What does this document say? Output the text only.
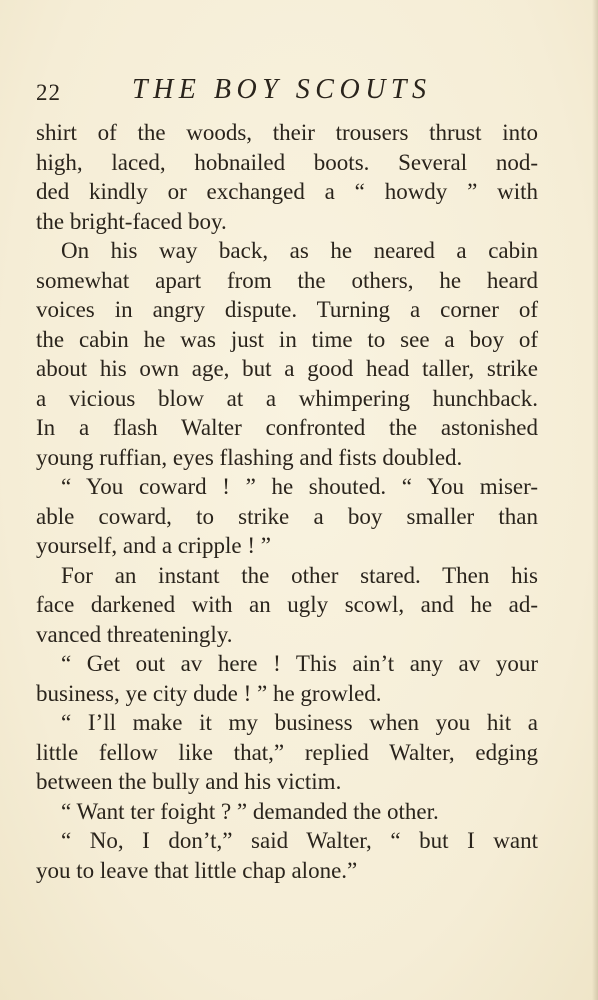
22	THE BOY SCOUTS
shirt of the woods, their trousers thrust into
high, laced, hobnailed boots. Several nod-
ded kindly or exchanged a “ howdy ” with
the bright-faced boy.
On his way back, as he neared a cabin
somewhat apart from the others, he heard
voices in angry dispute. Turning a corner of
the cabin he was just in time to see a boy of
about his own age, but a good head taller, strike
a vicious blow at a whimpering hunchback.
In a flash Walter confronted the astonished
young ruffian, eyes flashing and fists doubled.
“ You coward ! ” he shouted. “ You miser-
able coward, to strike a boy smaller than
yourself, and a cripple ! ”
For an instant the other stared. Then his
face darkened with an ugly scowl, and he ad-
vanced threateningly.
“ Get out av here ! This ain’t any av your
business, ye city dude ! ” he growled.
“ I’ll make it my business when you hit a
little fellow like that,” replied Walter, edging
between the bully and his victim.
“ Want ter foight ? ” demanded the other.
“ No, I don’t,” said Walter, “ but I want
you to leave that little chap alone.”
